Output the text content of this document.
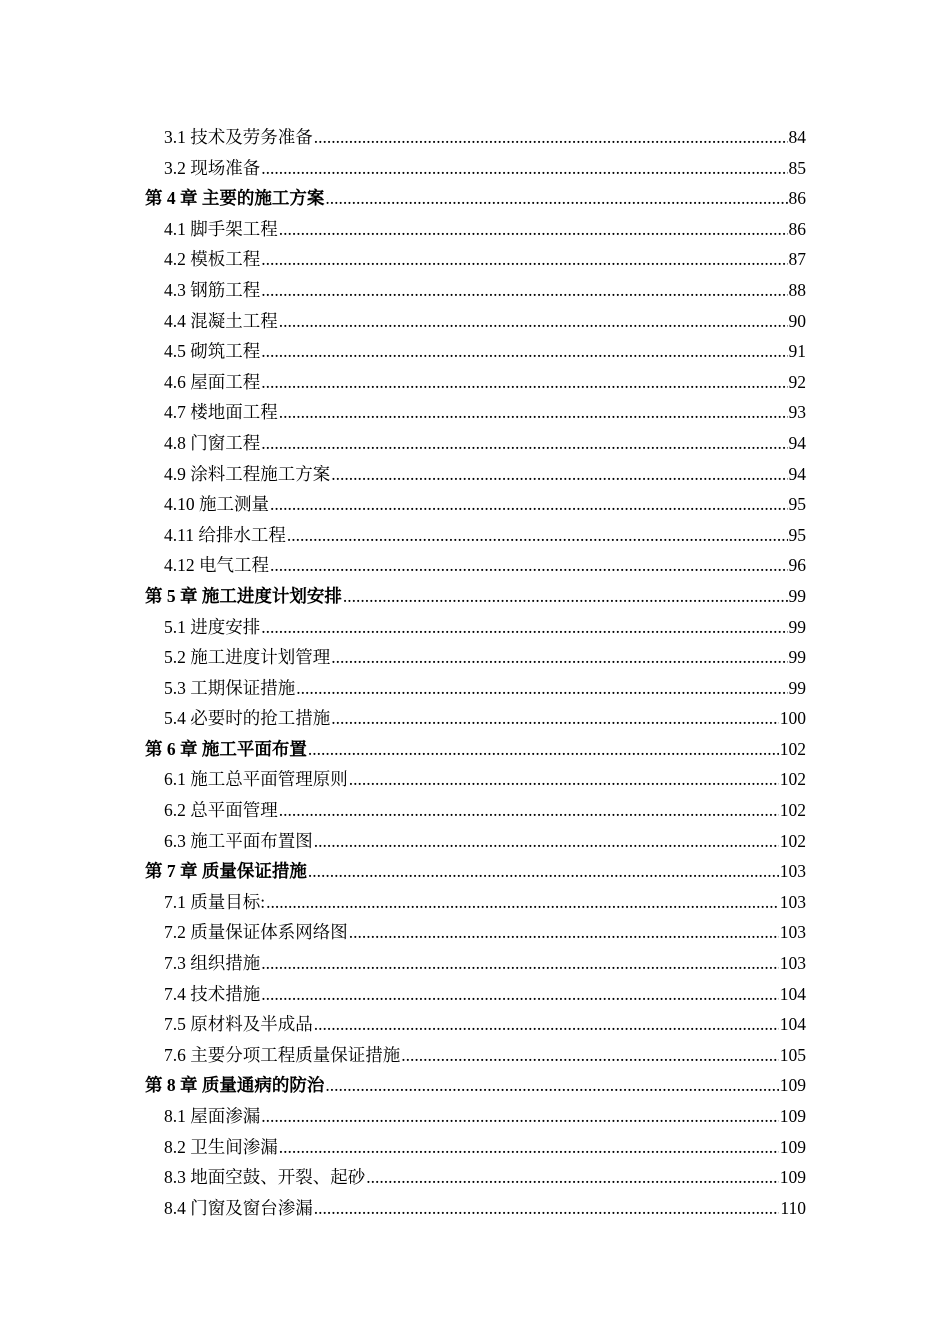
3.1 技术及劳务准备 .....	84
3.2 现场准备 .....	85
第 4 章 主要的施工方案 .....	86
4.1 脚手架工程 .....	86
4.2 模板工程 .....	87
4.3 钢筋工程 .....	88
4.4 混凝土工程 .....	90
4.5 砌筑工程 .....	91
4.6 屋面工程 .....	92
4.7 楼地面工程 .....	93
4.8 门窗工程 .....	94
4.9 涂料工程施工方案 .....	94
4.10 施工测量 .....	95
4.11 给排水工程 .....	95
4.12 电气工程 .....	96
第 5 章 施工进度计划安排 .....	99
5.1 进度安排 .....	99
5.2 施工进度计划管理 .....	99
5.3 工期保证措施 .....	99
5.4 必要时的抢工措施 .....	100
第 6 章 施工平面布置 .....	102
6.1 施工总平面管理原则 .....	102
6.2 总平面管理 .....	102
6.3 施工平面布置图 .....	102
第 7 章 质量保证措施 .....	103
7.1 质量目标: .....	103
7.2 质量保证体系网络图 .....	103
7.3 组织措施 .....	103
7.4 技术措施 .....	104
7.5 原材料及半成品 .....	104
7.6 主要分项工程质量保证措施 .....	105
第 8 章 质量通病的防治 .....	109
8.1 屋面渗漏 .....	109
8.2 卫生间渗漏 .....	109
8.3 地面空鼓、开裂、起砂 .....	109
8.4 门窗及窗台渗漏 .....	110
